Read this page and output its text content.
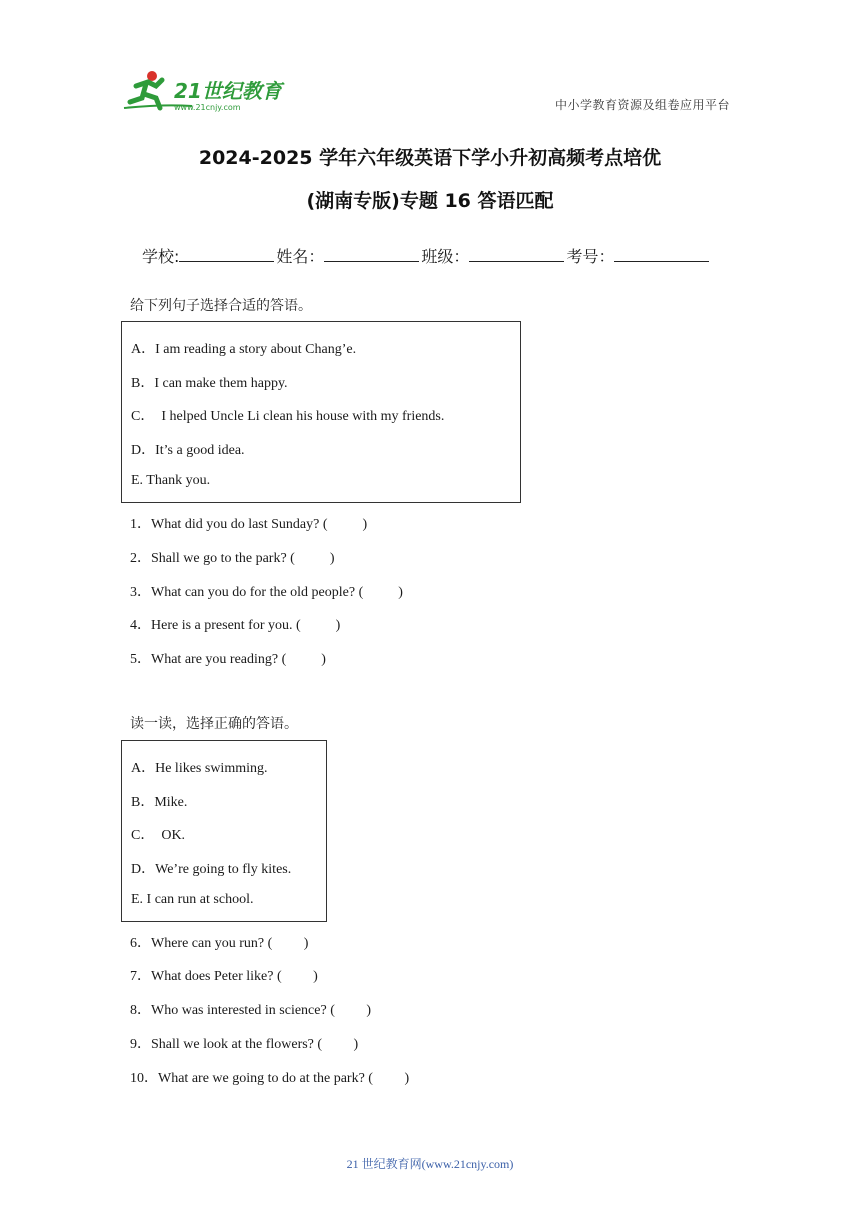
21世纪教育
www.21cnjy.com	中小学教育资源及组卷应用平台
2024-2025 学年六年级英语下学小升初高频考点培优
(湖南专版)专题 16 答语匹配
学校:	姓名：	班级：	考号：
给下列句子选择合适的答语。
A．I am reading a story about Chang’e.
B．I can make them happy.
C．  I helped Uncle Li clean his house with my friends.
D．It’s a good idea.
E. Thank you.
1．What did you do last Sunday? (          )
2．Shall we go to the park? (          )
3．What can you do for the old people? (          )
4．Here is a present for you. (          )
5．What are you reading? (          )
读一读，选择正确的答语。
A．He likes swimming.
B．Mike.
C．  OK.
D．We’re going to fly kites.
E. I can run at school.
6．Where can you run? (         )
7．What does Peter like? (         )
8．Who was interested in science? (         )
9．Shall we look at the flowers? (         )
10．What are we going to do at the park? (         )
21 世纪教育网(www.21cnjy.com)
